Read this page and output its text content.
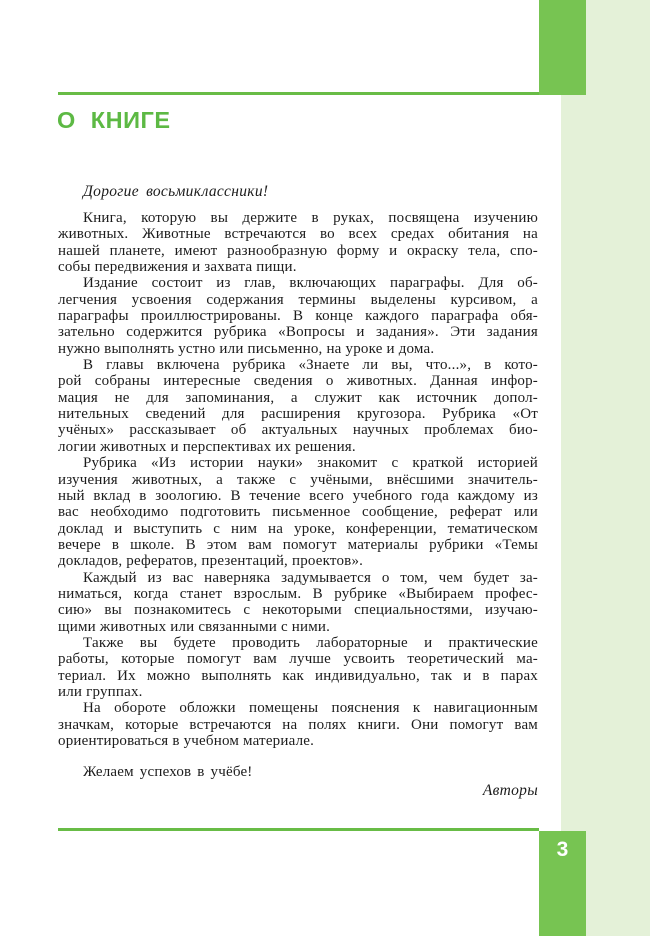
О КНИГЕ
Дорогие восьмиклассники!
Книга, которую вы держите в руках, посвящена изучению
животных. Животные встречаются во всех средах обитания на
нашей планете, имеют разнообразную форму и окраску тела, спо-
собы передвижения и захвата пищи.
Издание состоит из глав, включающих параграфы. Для об-
легчения усвоения содержания термины выделены курсивом, а
параграфы проиллюстрированы. В конце каждого параграфа обя-
зательно содержится рубрика «Вопросы и задания». Эти задания
нужно выполнять устно или письменно, на уроке и дома.
В главы включена рубрика «Знаете ли вы, что...», в кото-
рой собраны интересные сведения о животных. Данная инфор-
мация не для запоминания, а служит как источник допол-
нительных сведений для расширения кругозора. Рубрика «От
учёных» рассказывает об актуальных научных проблемах био-
логии животных и перспективах их решения.
Рубрика «Из истории науки» знакомит с краткой историей
изучения животных, а также с учёными, внёсшими значитель-
ный вклад в зоологию. В течение всего учебного года каждому из
вас необходимо подготовить письменное сообщение, реферат или
доклад и выступить с ним на уроке, конференции, тематическом
вечере в школе. В этом вам помогут материалы рубрики «Темы
докладов, рефератов, презентаций, проектов».
Каждый из вас наверняка задумывается о том, чем будет за-
ниматься, когда станет взрослым. В рубрике «Выбираем профес-
сию» вы познакомитесь с некоторыми специальностями, изучаю-
щими животных или связанными с ними.
Также вы будете проводить лабораторные и практические
работы, которые помогут вам лучше усвоить теоретический ма-
териал. Их можно выполнять как индивидуально, так и в парах
или группах.
На обороте обложки помещены пояснения к навигационным
значкам, которые встречаются на полях книги. Они помогут вам
ориентироваться в учебном материале.
Желаем успехов в учёбе!
Авторы
3
